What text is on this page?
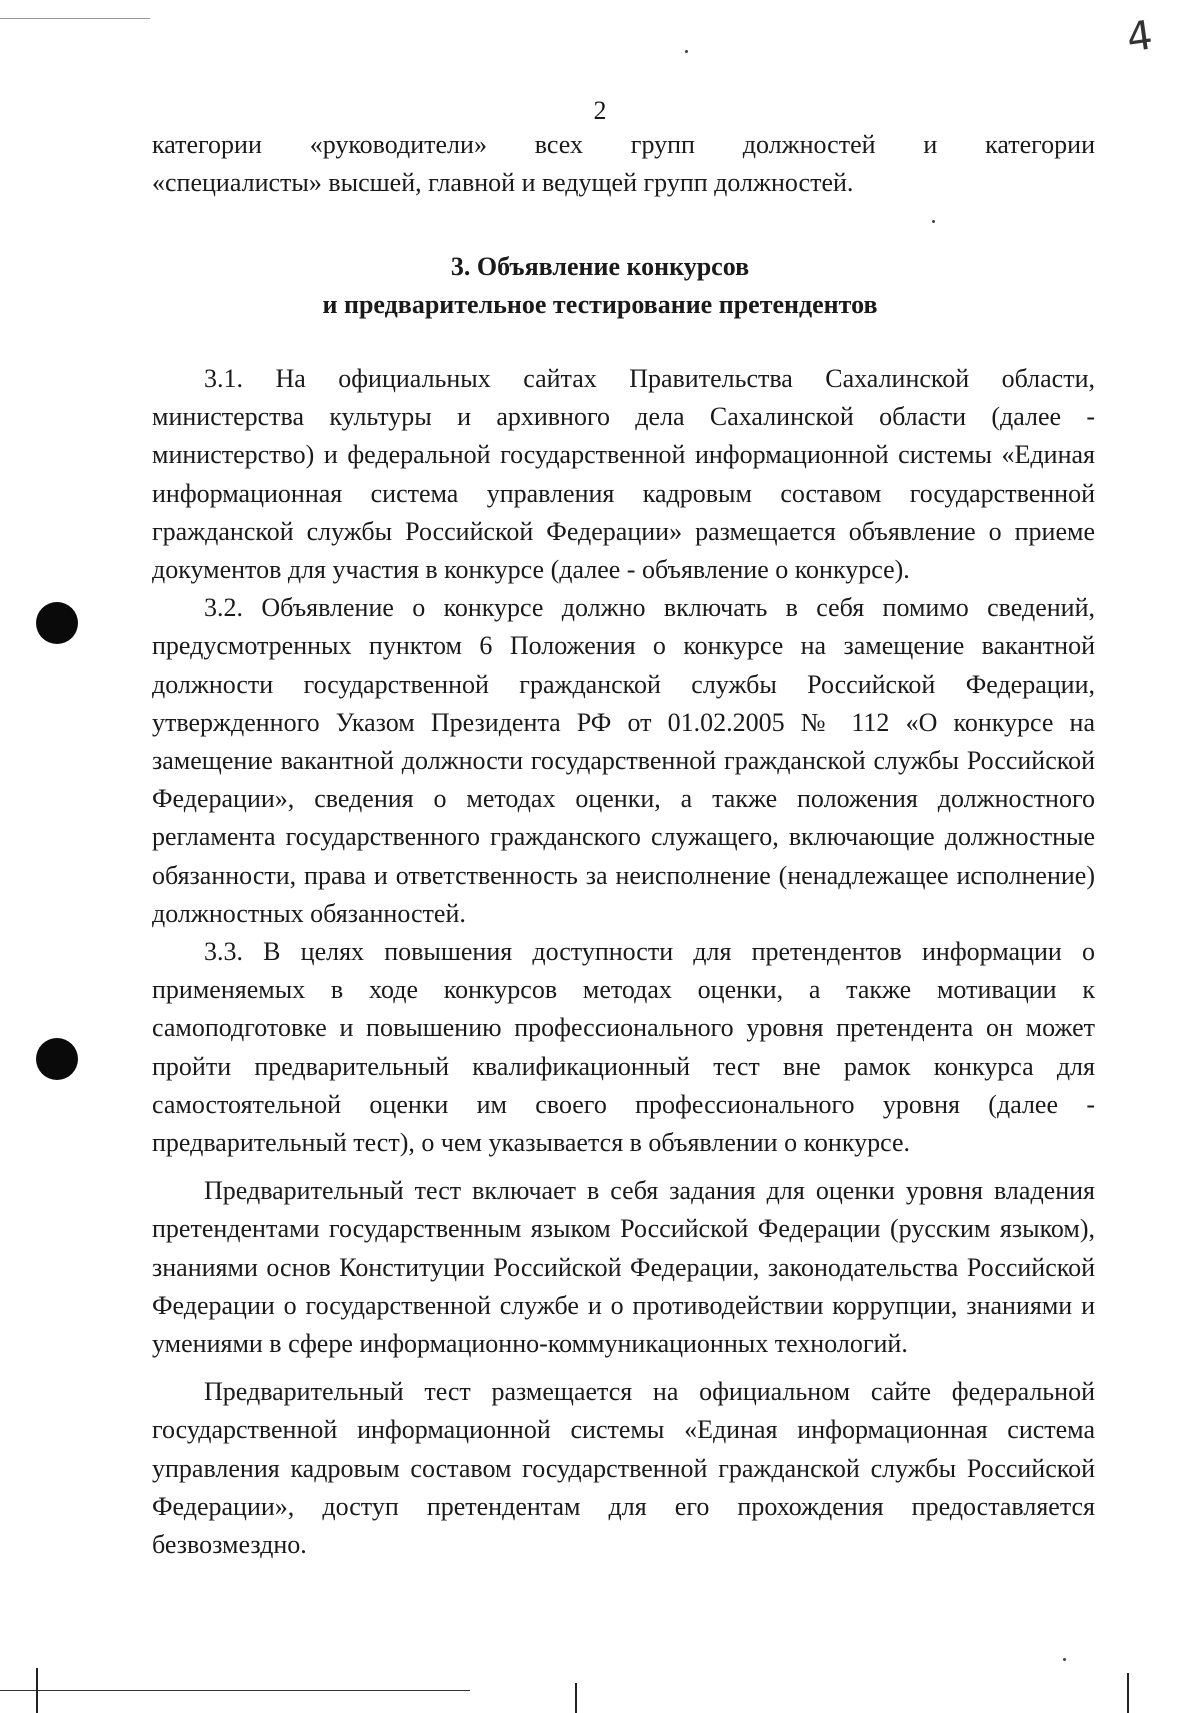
4
2

категории «руководители» всех групп должностей и категории

«специалисты» высшей, главной и ведущей групп должностей.

3. Объявление конкурсов
и предварительное тестирование претендентов

3.1. На официальных сайтах Правительства Сахалинской области, министерства культуры и архивного дела Сахалинской области (далее - министерство) и федеральной государственной информационной системы «Единая информационная система управления кадровым составом государственной гражданской службы Российской Федерации» размещается объявление о приеме документов для участия в конкурсе (далее - объявление о конкурсе).

3.2. Объявление о конкурсе должно включать в себя помимо сведений, предусмотренных пунктом 6 Положения о конкурсе на замещение вакантной должности государственной гражданской службы Российской Федерации, утвержденного Указом Президента РФ от 01.02.2005 № 112 «О конкурсе на замещение вакантной должности государственной гражданской службы Российской Федерации», сведения о методах оценки, а также положения должностного регламента государственного гражданского служащего, включающие должностные обязанности, права и ответственность за неисполнение (ненадлежащее исполнение) должностных обязанностей.

3.3. В целях повышения доступности для претендентов информации о применяемых в ходе конкурсов методах оценки, а также мотивации к самоподготовке и повышению профессионального уровня претендента он может пройти предварительный квалификационный тест вне рамок конкурса для самостоятельной оценки им своего профессионального уровня (далее - предварительный тест), о чем указывается в объявлении о конкурсе.

Предварительный тест включает в себя задания для оценки уровня владения претендентами государственным языком Российской Федерации (русским языком), знаниями основ Конституции Российской Федерации, законодательства Российской Федерации о государственной службе и о противодействии коррупции, знаниями и умениями в сфере информационно-коммуникационных технологий.

Предварительный тест размещается на официальном сайте федеральной государственной информационной системы «Единая информационная система управления кадровым составом государственной гражданской службы Российской Федерации», доступ претендентам для его прохождения предоставляется безвозмездно.
